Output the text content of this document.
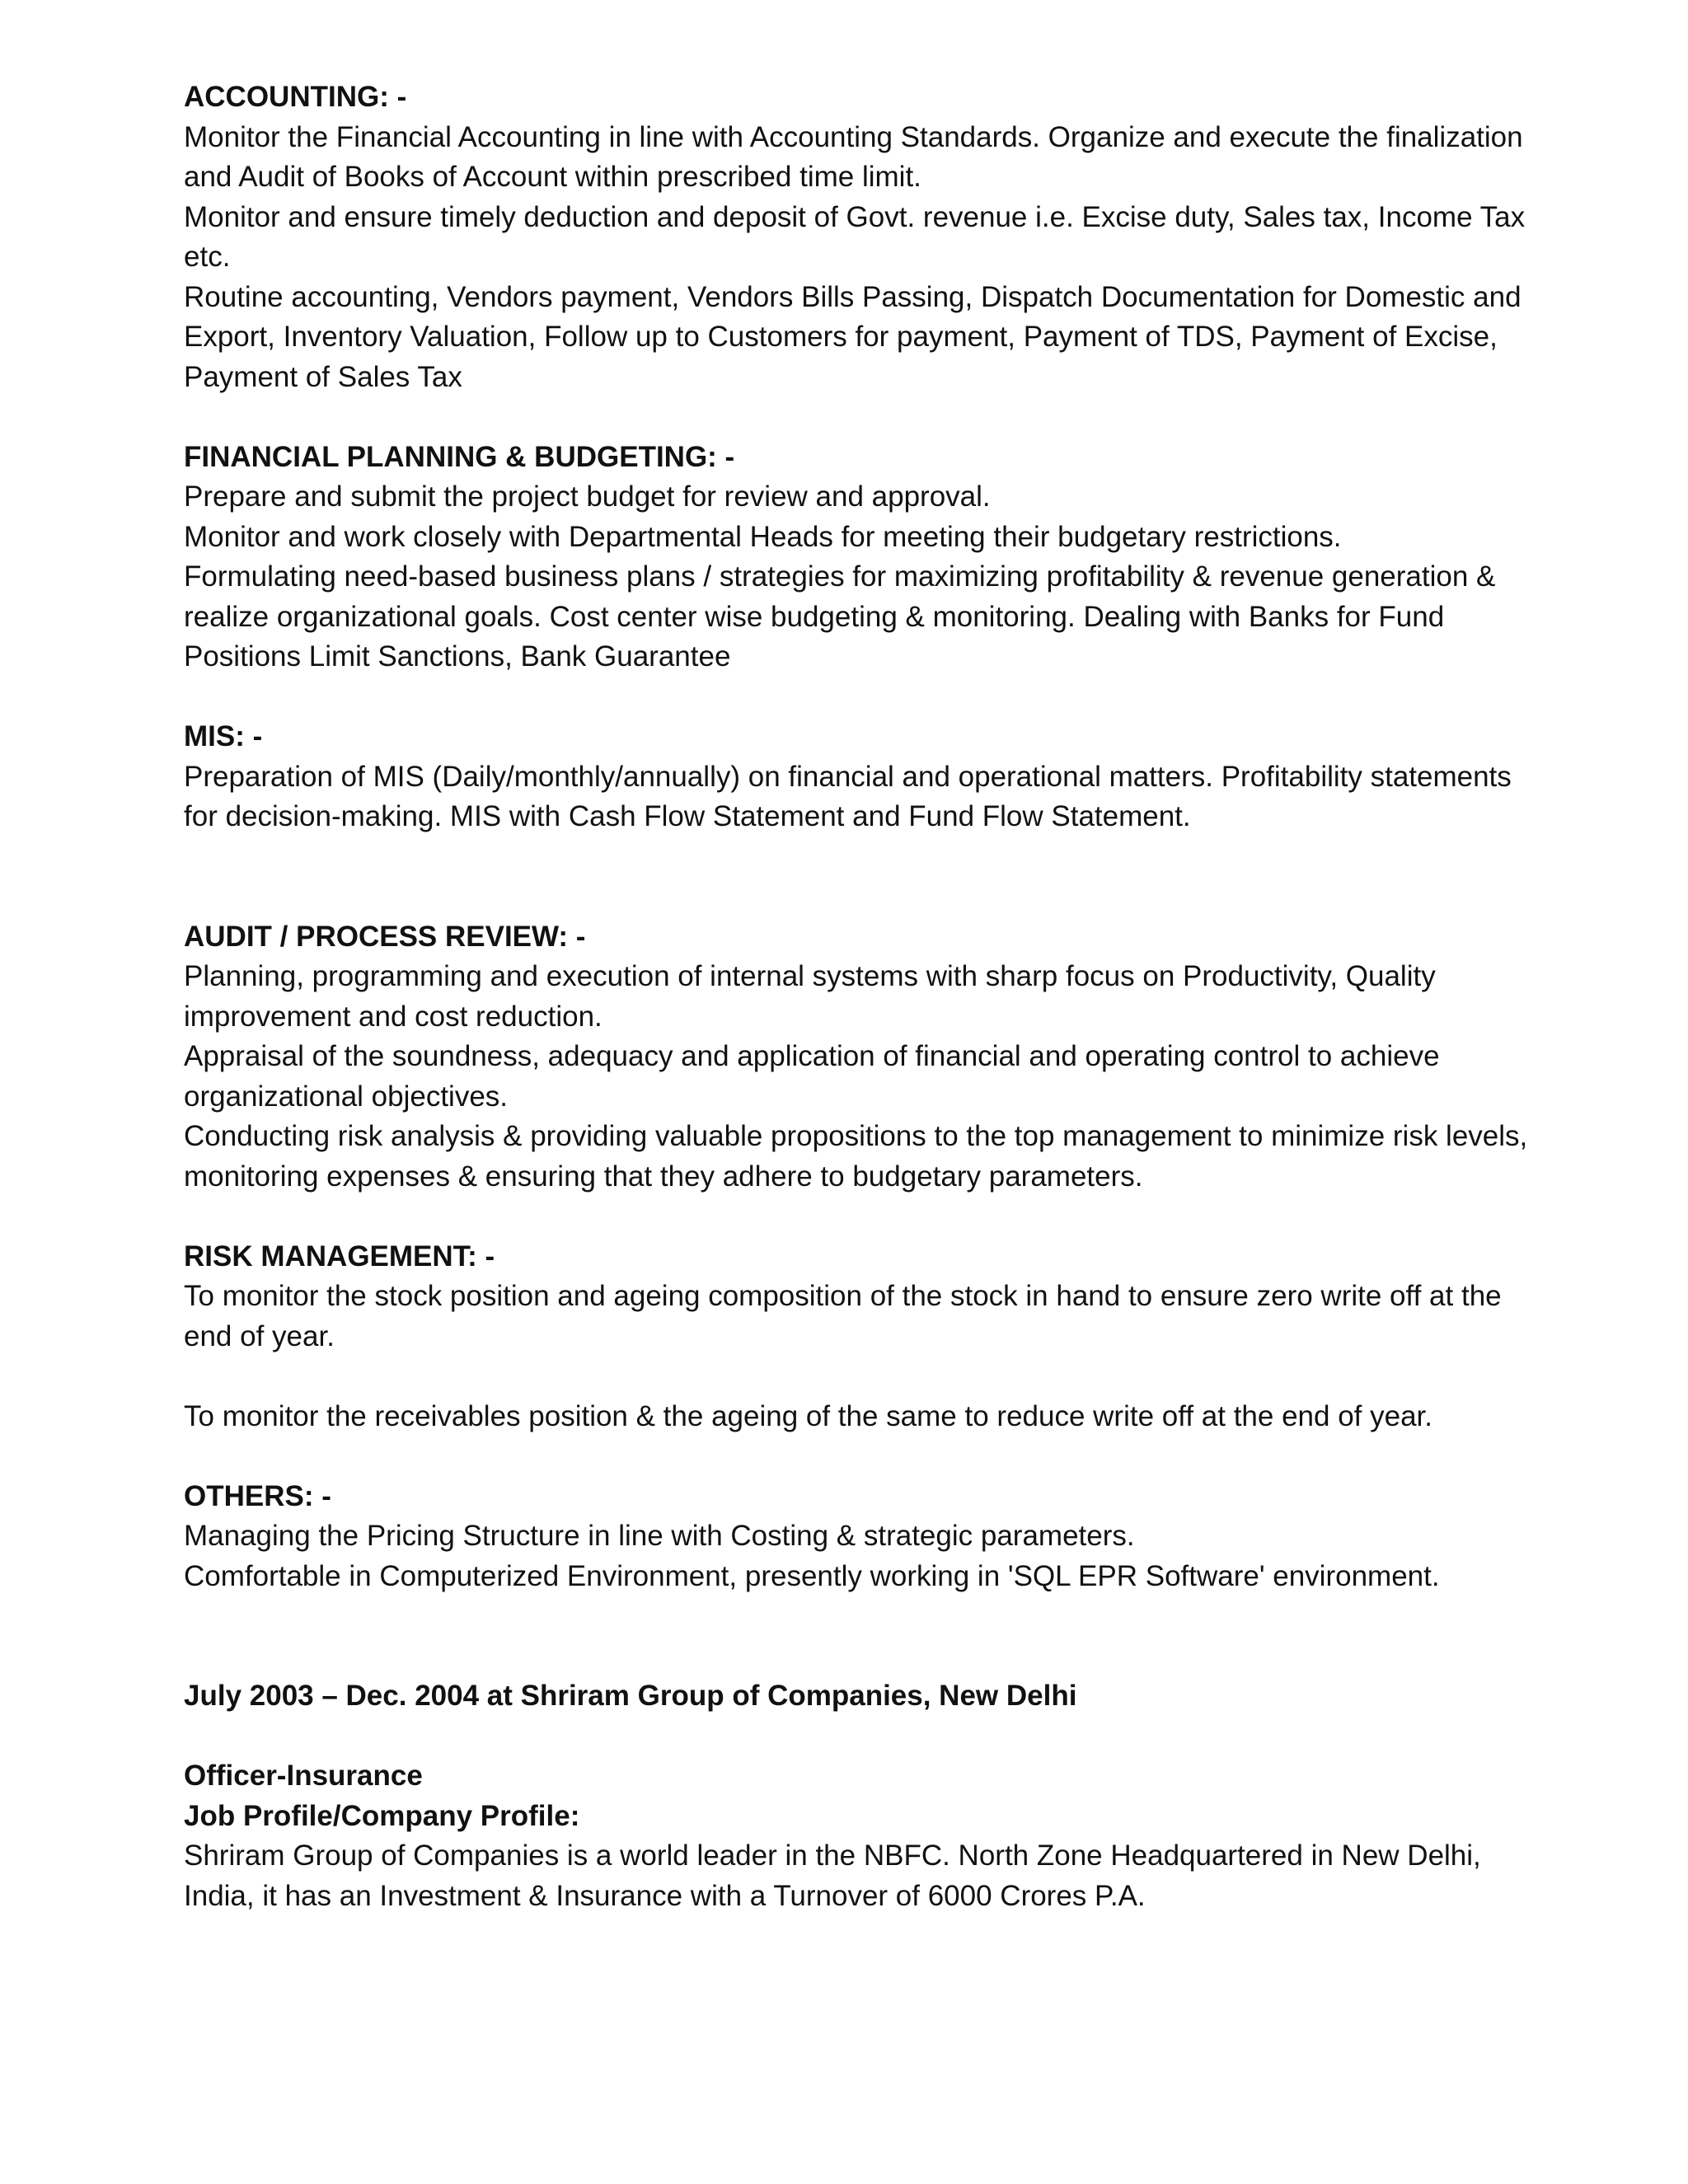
ACCOUNTING: -

Monitor the Financial Accounting in line with Accounting Standards. Organize and execute the finalization and Audit of Books of Account within prescribed time limit.

Monitor and ensure timely deduction and deposit of Govt. revenue i.e. Excise duty, Sales tax, Income Tax etc.

Routine accounting, Vendors payment, Vendors Bills Passing, Dispatch Documentation for Domestic and Export, Inventory Valuation, Follow up to Customers for payment, Payment of TDS, Payment of Excise, Payment of Sales Tax

FINANCIAL PLANNING & BUDGETING: -

Prepare and submit the project budget for review and approval.

Monitor and work closely with Departmental Heads for meeting their budgetary restrictions.

Formulating need-based business plans / strategies for maximizing profitability & revenue generation & realize organizational goals. Cost center wise budgeting & monitoring. Dealing with Banks for Fund Positions Limit Sanctions, Bank Guarantee

MIS: -

Preparation of MIS (Daily/monthly/annually) on financial and operational matters. Profitability statements for decision-making. MIS with Cash Flow Statement and Fund Flow Statement.

AUDIT / PROCESS REVIEW: -

Planning, programming and execution of internal systems with sharp focus on Productivity, Quality improvement and cost reduction.

Appraisal of the soundness, adequacy and application of financial and operating control to achieve organizational objectives.

Conducting risk analysis & providing valuable propositions to the top management to minimize risk levels, monitoring expenses & ensuring that they adhere to budgetary parameters.

RISK MANAGEMENT: -

To monitor the stock position and ageing composition of the stock in hand to ensure zero write off at the end of year.

To monitor the receivables position & the ageing of the same to reduce write off at the end of year.

OTHERS: -

Managing the Pricing Structure in line with Costing & strategic parameters.

Comfortable in Computerized Environment, presently working in 'SQL EPR Software' environment.

July 2003 – Dec. 2004 at Shriram Group of Companies, New Delhi
Officer-Insurance
Job Profile/Company Profile:

Shriram Group of Companies is a world leader in the NBFC. North Zone Headquartered in New Delhi, India, it has an Investment & Insurance with a Turnover of 6000 Crores P.A.
